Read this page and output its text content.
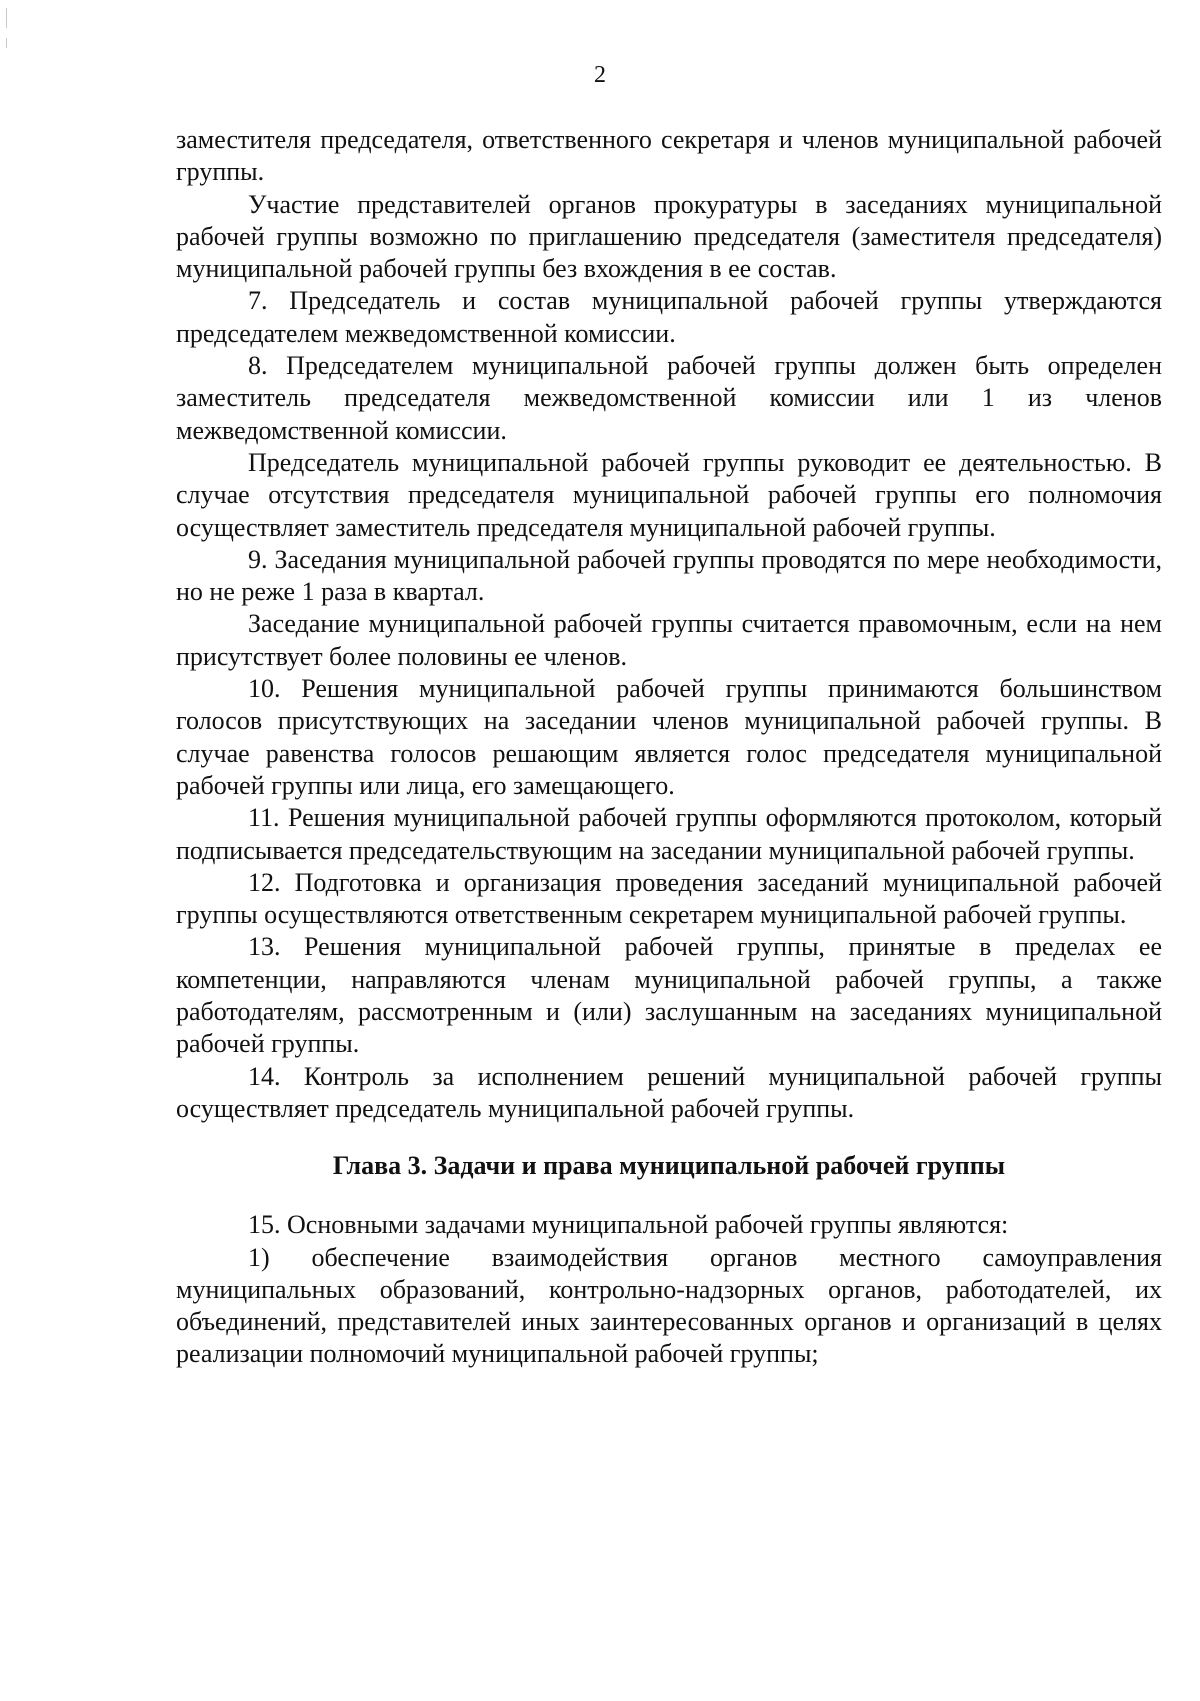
2

заместителя председателя, ответственного секретаря и членов муниципальной рабочей группы.

Участие представителей органов прокуратуры в заседаниях муниципальной рабочей группы возможно по приглашению председателя (заместителя председателя) муниципальной рабочей группы без вхождения в ее состав.

7. Председатель и состав муниципальной рабочей группы утверждаются председателем межведомственной комиссии.

8. Председателем муниципальной рабочей группы должен быть определен заместитель председателя межведомственной комиссии или 1 из членов межведомственной комиссии.

Председатель муниципальной рабочей группы руководит ее деятельностью. В случае отсутствия председателя муниципальной рабочей группы его полномочия осуществляет заместитель председателя муниципальной рабочей группы.

9. Заседания муниципальной рабочей группы проводятся по мере необходимости, но не реже 1 раза в квартал.

Заседание муниципальной рабочей группы считается правомочным, если на нем присутствует более половины ее членов.

10. Решения муниципальной рабочей группы принимаются большинством голосов присутствующих на заседании членов муниципальной рабочей группы. В случае равенства голосов решающим является голос председателя муниципальной рабочей группы или лица, его замещающего.

11. Решения муниципальной рабочей группы оформляются протоколом, который подписывается председательствующим на заседании муниципальной рабочей группы.

12. Подготовка и организация проведения заседаний муниципальной рабочей группы осуществляются ответственным секретарем муниципальной рабочей группы.

13. Решения муниципальной рабочей группы, принятые в пределах ее компетенции, направляются членам муниципальной рабочей группы, а также работодателям, рассмотренным и (или) заслушанным на заседаниях муниципальной рабочей группы.

14. Контроль за исполнением решений муниципальной рабочей группы осуществляет председатель муниципальной рабочей группы.

Глава 3. Задачи и права муниципальной рабочей группы

15. Основными задачами муниципальной рабочей группы являются:

1) обеспечение взаимодействия органов местного самоуправления муниципальных образований, контрольно-надзорных органов, работодателей, их объединений, представителей иных заинтересованных органов и организаций в целях реализации полномочий муниципальной рабочей группы;
